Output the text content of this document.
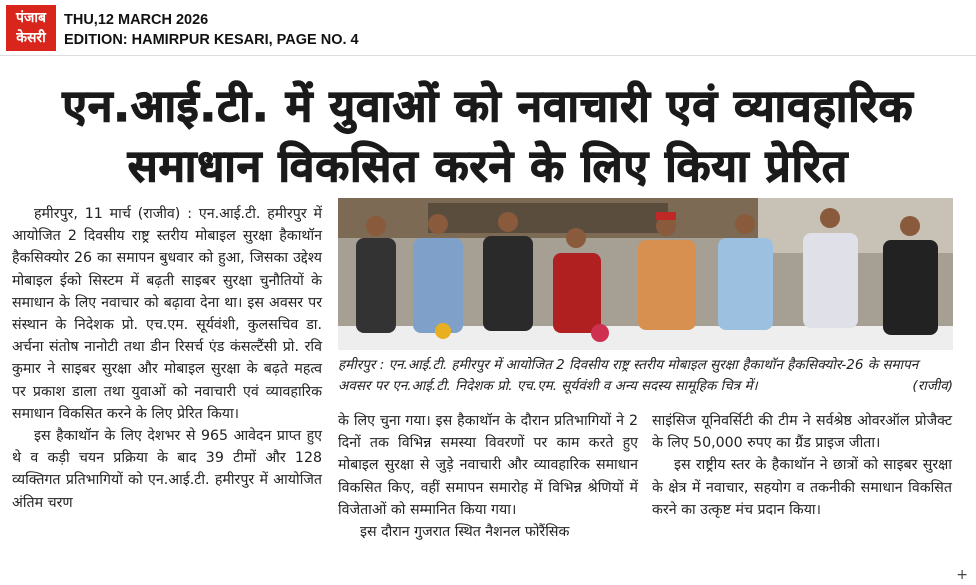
पंजाब केसरी
THU,12 MARCH 2026
EDITION: HAMIRPUR KESARI, PAGE NO. 4
एन.आई.टी. में युवाओं को नवाचारी एवं व्यावहारिक
समाधान विकसित करने के लिए किया प्रेरित

हमीरपुर, 11 मार्च (राजीव) : एन.आई.टी. हमीरपुर में आयोजित 2 दिवसीय राष्ट्र स्तरीय मोबाइल सुरक्षा हैकाथॉन हैकसिक्योर 26 का समापन बुधवार को हुआ, जिसका उद्देश्य मोबाइल ईको सिस्टम में बढ़ती साइबर सुरक्षा चुनौतियों के समाधान के लिए नवाचार को बढ़ावा देना था। इस अवसर पर संस्थान के निदेशक प्रो. एच.एम. सूर्यवंशी, कुलसचिव डा. अर्चना संतोष नानोटी तथा डीन रिसर्च एंड कंसल्टैंसी प्रो. रवि कुमार ने साइबर सुरक्षा और मोबाइल सुरक्षा के बढ़ते महत्व पर प्रकाश डाला तथा युवाओं को नवाचारी एवं व्यावहारिक समाधान विकसित करने के लिए प्रेरित किया।

इस हैकाथॉन के लिए देशभर से 965 आवेदन प्राप्त हुए थे व कड़ी चयन प्रक्रिया के बाद 39 टीमों और 128 व्यक्तिगत प्रतिभागियों को एन.आई.टी. हमीरपुर में आयोजित अंतिम चरण

हमीरपुर : एन.आई.टी. हमीरपुर में आयोजित 2 दिवसीय राष्ट्र स्तरीय मोबाइल सुरक्षा हैकाथॉन हैकसिक्योर-26 के समापन अवसर पर एन.आई.टी. निदेशक प्रो. एच.एम. सूर्यवंशी व अन्य सदस्य सामूहिक चित्र में।	(राजीव)
के लिए चुना गया। इस हैकाथॉन के दौरान प्रतिभागियों ने 2 दिनों तक विभिन्न समस्या विवरणों पर काम करते हुए मोबाइल सुरक्षा से जुड़े नवाचारी और व्यावहारिक समाधान विकसित किए, वहीं समापन समारोह में विभिन्न श्रेणियों में विजेताओं को सम्मानित किया गया।

इस दौरान गुजरात स्थित नैशनल फोरैंसिक

साइंसिज यूनिवर्सिटी की टीम ने सर्वश्रेष्ठ ओवरऑल प्रोजैक्ट के लिए 50,000 रुपए का ग्रैंड प्राइज जीता।

इस राष्ट्रीय स्तर के हैकाथॉन ने छात्रों को साइबर सुरक्षा के क्षेत्र में नवाचार, सहयोग व तकनीकी समाधान विकसित करने का उत्कृष्ट मंच प्रदान किया।

+
